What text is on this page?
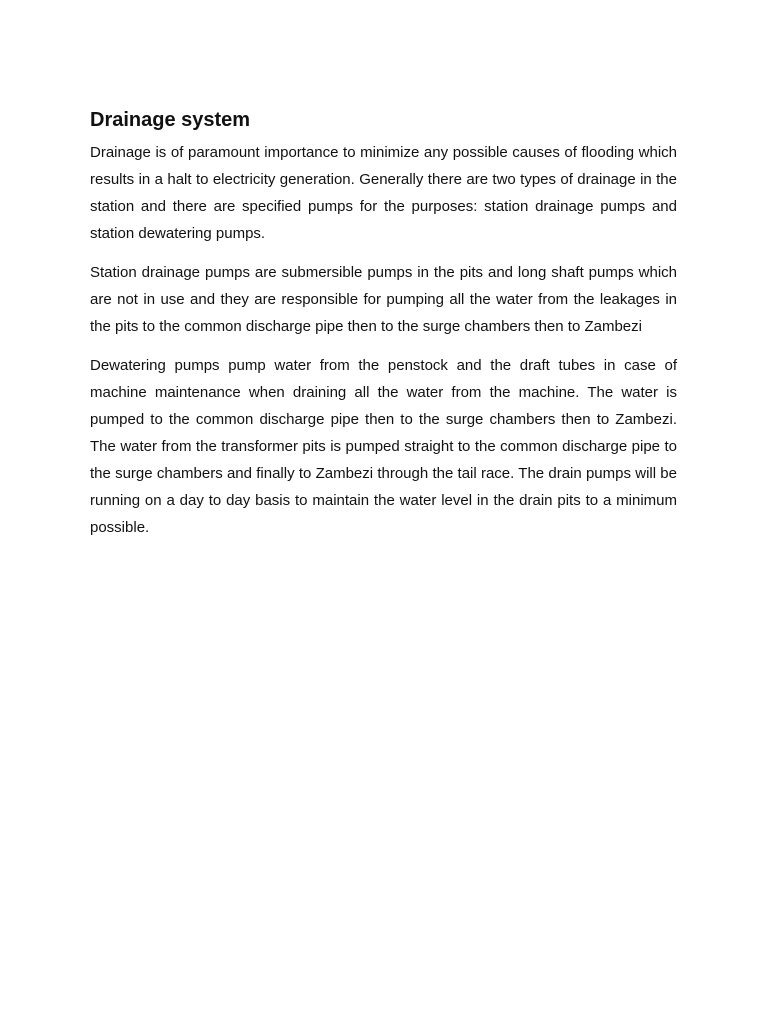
Drainage system

Drainage is of paramount importance to minimize any possible causes of flooding which results in a halt to electricity generation. Generally there are two types of drainage in the station and there are specified pumps for the purposes: station drainage pumps and station dewatering pumps.

Station drainage pumps are submersible pumps in the pits and long shaft pumps which are not in use and they are responsible for pumping all the water from the leakages in the pits to the common discharge pipe then to the surge chambers then to Zambezi

Dewatering pumps pump water from the penstock and the draft tubes in case of machine maintenance when draining all the water from the machine. The water is pumped to the common discharge pipe then to the surge chambers then to Zambezi. The water from the transformer pits is pumped straight to the common discharge pipe to the surge chambers and finally to Zambezi through the tail race. The drain pumps will be running on a day to day basis to maintain the water level in the drain pits to a minimum possible.
